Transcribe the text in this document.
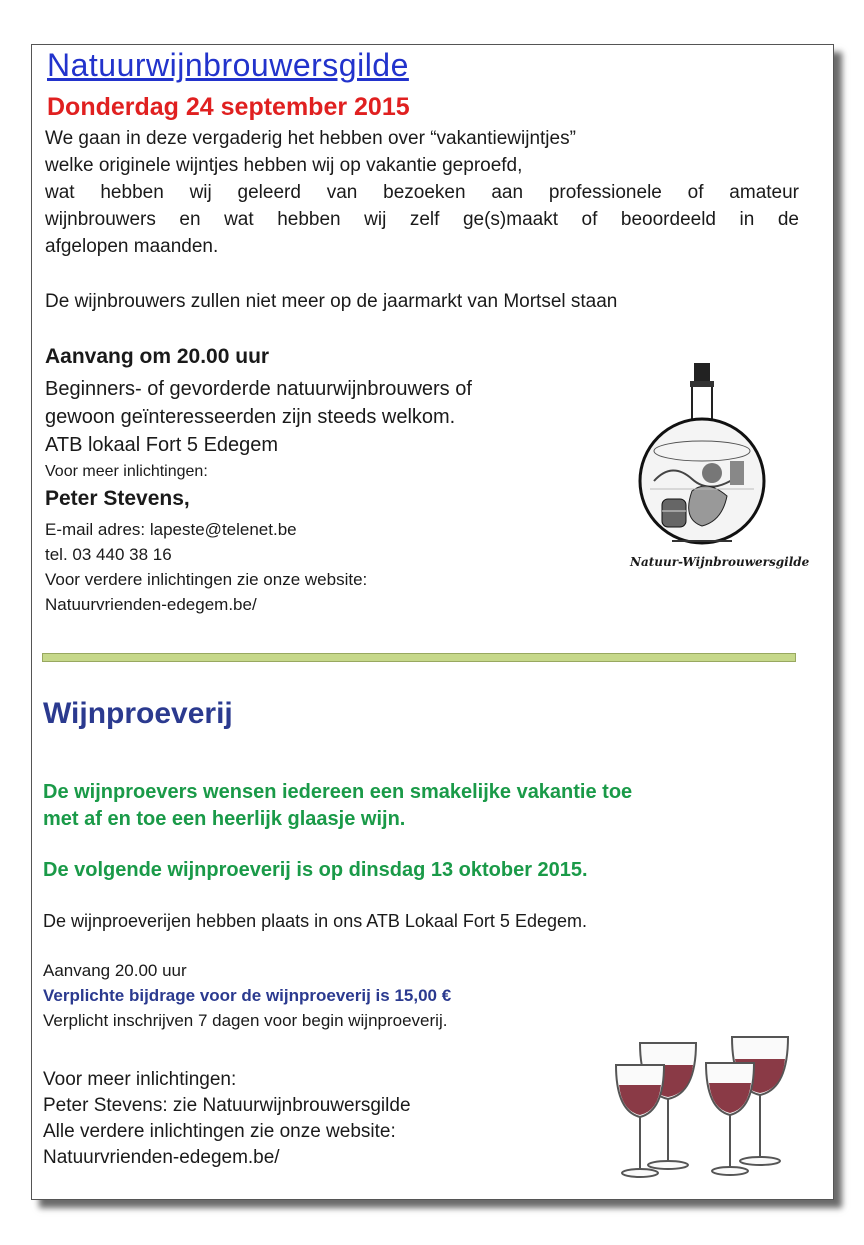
Natuurwijnbrouwersgilde
Donderdag 24 september 2015
We gaan in deze vergaderig het hebben over “vakantiewijntjes”
welke originele wijntjes hebben wij op vakantie geproefd,
wat hebben wij geleerd van bezoeken aan professionele of amateur
wijnbrouwers en wat hebben wij zelf ge(s)maakt of beoordeeld in de
afgelopen maanden.
De wijnbrouwers zullen niet meer op de jaarmarkt van Mortsel staan
Aanvang om 20.00 uur
Beginners- of gevorderde natuurwijnbrouwers of
gewoon geïnteresseerden zijn steeds welkom.
ATB lokaal Fort 5 Edegem
Voor meer inlichtingen:
Peter Stevens,
E-mail adres: lapeste@telenet.be
tel. 03 440 38 16
Voor verdere inlichtingen zie onze website:
Natuurvrienden-edegem.be/
Natuur-Wijnbrouwersgilde
Wijnproeverij
De wijnproevers wensen iedereen een smakelijke vakantie toe
met af en toe een heerlijk glaasje wijn.
De volgende wijnproeverij is op dinsdag 13 oktober 2015.
De wijnproeverijen hebben plaats in ons ATB Lokaal Fort 5 Edegem.
Aanvang 20.00 uur
Verplichte bijdrage voor de wijnproeverij is 15,00 €
Verplicht inschrijven 7 dagen voor begin wijnproeverij.
Voor meer inlichtingen:
Peter Stevens: zie Natuurwijnbrouwersgilde
Alle verdere inlichtingen zie onze website:
Natuurvrienden-edegem.be/
